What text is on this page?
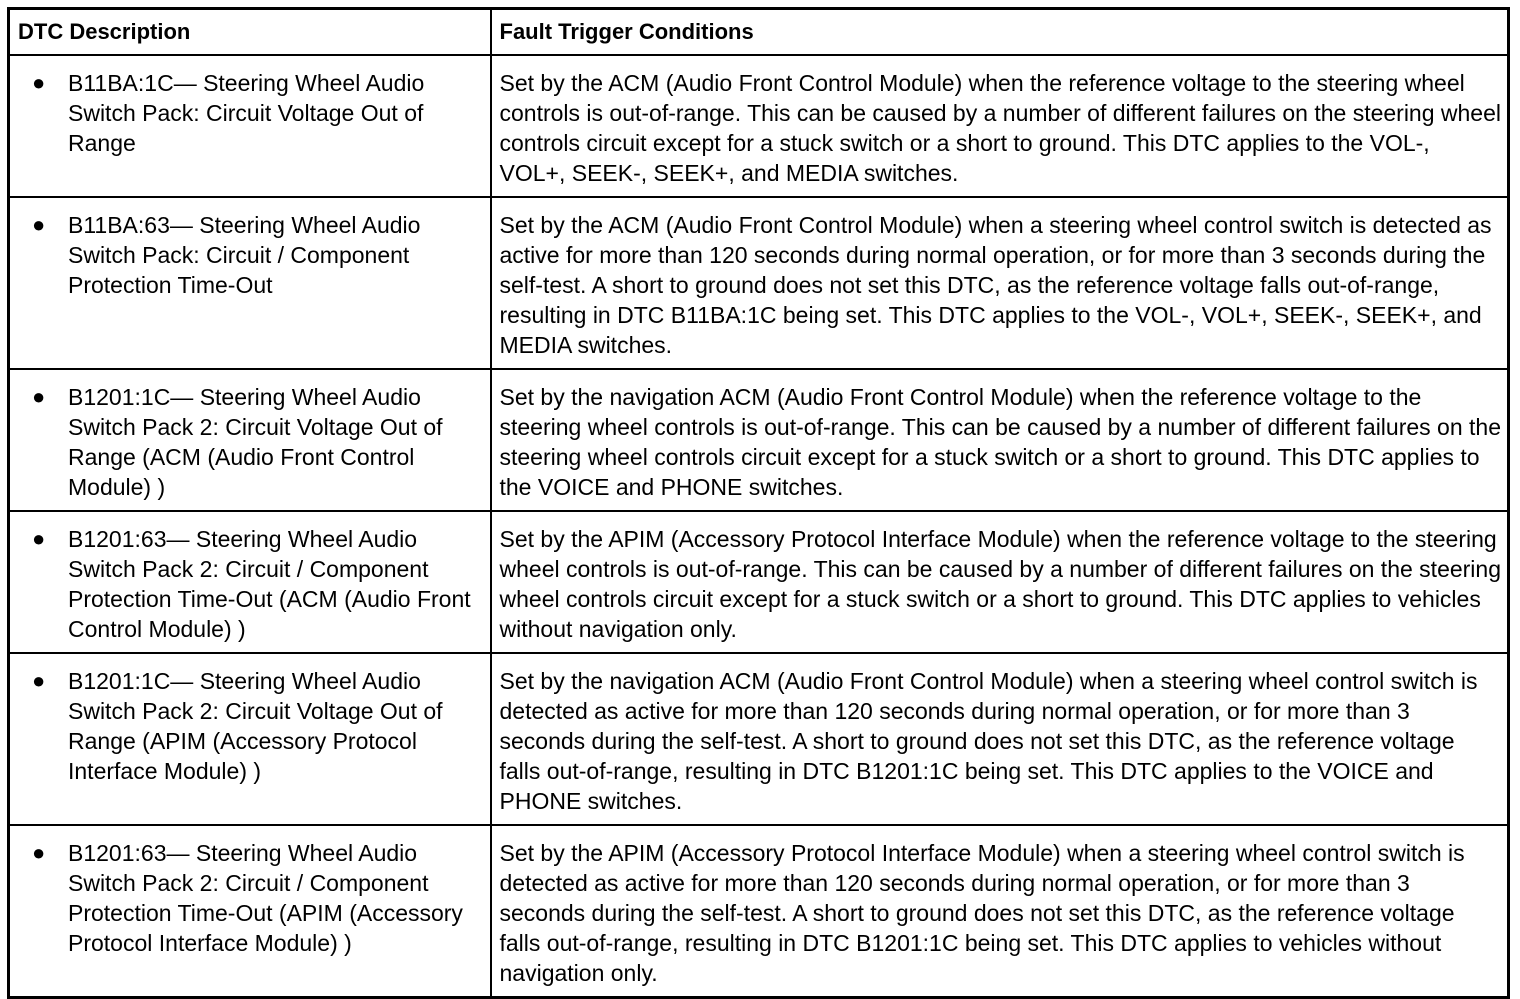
DTC Description	Fault Trigger Conditions

● B11BA:1C— Steering Wheel Audio Switch Pack: Circuit Voltage Out of Range	Set by the ACM (Audio Front Control Module) when the reference voltage to the steering wheel controls is out-of-range. This can be caused by a number of different failures on the steering wheel controls circuit except for a stuck switch or a short to ground. This DTC applies to the VOL-, VOL+, SEEK-, SEEK+, and MEDIA switches.

● B11BA:63— Steering Wheel Audio Switch Pack: Circuit / Component Protection Time-Out	Set by the ACM (Audio Front Control Module) when a steering wheel control switch is detected as active for more than 120 seconds during normal operation, or for more than 3 seconds during the self-test. A short to ground does not set this DTC, as the reference voltage falls out-of-range, resulting in DTC B11BA:1C being set. This DTC applies to the VOL-, VOL+, SEEK-, SEEK+, and MEDIA switches.

● B1201:1C— Steering Wheel Audio Switch Pack 2: Circuit Voltage Out of Range (ACM (Audio Front Control Module) )	Set by the navigation ACM (Audio Front Control Module) when the reference voltage to the steering wheel controls is out-of-range. This can be caused by a number of different failures on the steering wheel controls circuit except for a stuck switch or a short to ground. This DTC applies to the VOICE and PHONE switches.

● B1201:63— Steering Wheel Audio Switch Pack 2: Circuit / Component Protection Time-Out (ACM (Audio Front Control Module) )	Set by the APIM (Accessory Protocol Interface Module) when the reference voltage to the steering wheel controls is out-of-range. This can be caused by a number of different failures on the steering wheel controls circuit except for a stuck switch or a short to ground. This DTC applies to vehicles without navigation only.

● B1201:1C— Steering Wheel Audio Switch Pack 2: Circuit Voltage Out of Range (APIM (Accessory Protocol Interface Module) )	Set by the navigation ACM (Audio Front Control Module) when a steering wheel control switch is detected as active for more than 120 seconds during normal operation, or for more than 3 seconds during the self-test. A short to ground does not set this DTC, as the reference voltage falls out-of-range, resulting in DTC B1201:1C being set. This DTC applies to the VOICE and PHONE switches.

● B1201:63— Steering Wheel Audio Switch Pack 2: Circuit / Component Protection Time-Out (APIM (Accessory Protocol Interface Module) )	Set by the APIM (Accessory Protocol Interface Module) when a steering wheel control switch is detected as active for more than 120 seconds during normal operation, or for more than 3 seconds during the self-test. A short to ground does not set this DTC, as the reference voltage falls out-of-range, resulting in DTC B1201:1C being set. This DTC applies to vehicles without navigation only.
